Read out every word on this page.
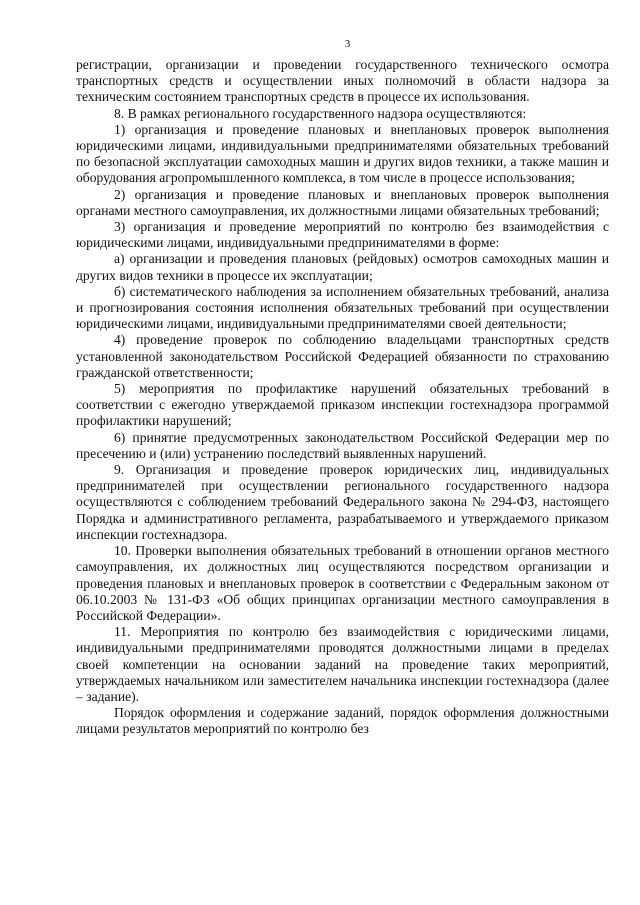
3

регистрации, организации и проведении государственного технического осмотра транспортных средств и осуществлении иных полномочий в области надзора за техническим состоянием транспортных средств в процессе их использования.

8. В рамках регионального государственного надзора осуществляются:

1) организация и проведение плановых и внеплановых проверок выполнения юридическими лицами, индивидуальными предпринимателями обязательных требований по безопасной эксплуатации самоходных машин и других видов техники, а также машин и оборудования агропромышленного комплекса, в том числе в процессе использования;

2) организация и проведение плановых и внеплановых проверок выполнения органами местного самоуправления, их должностными лицами обязательных требований;

3) организация и проведение мероприятий по контролю без взаимодействия с юридическими лицами, индивидуальными предпринимателями в форме:

а) организации и проведения плановых (рейдовых) осмотров самоходных машин и других видов техники в процессе их эксплуатации;

б) систематического наблюдения за исполнением обязательных требований, анализа и прогнозирования состояния исполнения обязательных требований при осуществлении юридическими лицами, индивидуальными предпринимателями своей деятельности;

4) проведение проверок по соблюдению владельцами транспортных средств установленной законодательством Российской Федерацией обязанности по страхованию гражданской ответственности;

5) мероприятия по профилактике нарушений обязательных требований в соответствии с ежегодно утверждаемой приказом инспекции гостехнадзора программой профилактики нарушений;

6) принятие предусмотренных законодательством Российской Федерации мер по пресечению и (или) устранению последствий выявленных нарушений.

9. Организация и проведение проверок юридических лиц, индивидуальных предпринимателей при осуществлении регионального государственного надзора осуществляются с соблюдением требований Федерального закона № 294-ФЗ, настоящего Порядка и административного регламента, разрабатываемого и утверждаемого приказом инспекции гостехнадзора.

10. Проверки выполнения обязательных требований в отношении органов местного самоуправления, их должностных лиц осуществляются посредством организации и проведения плановых и внеплановых проверок в соответствии с Федеральным законом от 06.10.2003 № 131-ФЗ «Об общих принципах организации местного самоуправления в Российской Федерации».

11. Мероприятия по контролю без взаимодействия с юридическими лицами, индивидуальными предпринимателями проводятся должностными лицами в пределах своей компетенции на основании заданий на проведение таких мероприятий, утверждаемых начальником или заместителем начальника инспекции гостехнадзора (далее – задание).

Порядок оформления и содержание заданий, порядок оформления должностными лицами результатов мероприятий по контролю без
